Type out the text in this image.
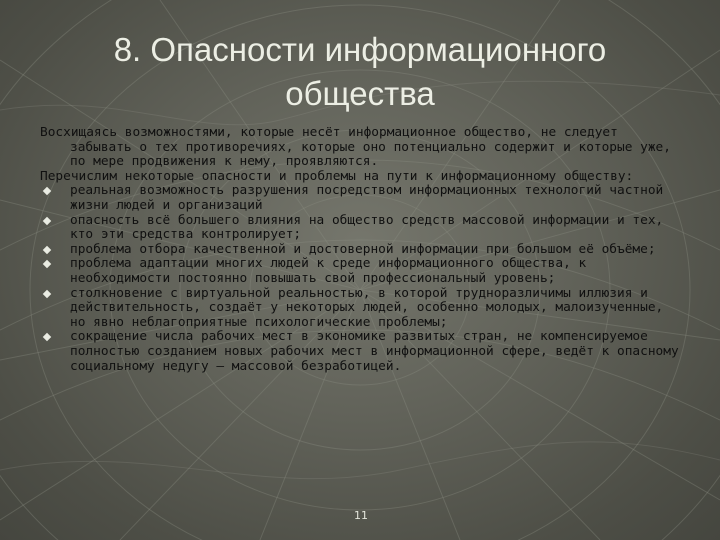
8. Опасности информационного
общества

Восхищаясь возможностями, которые несёт информационное общество, не следует забывать о тех противоречиях, которые оно потенциально содержит и которые уже, по мере продвижения к нему, проявляются.

Перечислим некоторые опасности и проблемы на пути к информационному обществу:

реальная возможность разрушения посредством информационных технологий частной жизни людей и организаций
опасность всё большего влияния на общество средств массовой информации и тех, кто эти средства контролирует;
проблема отбора качественной и достоверной информации при большом её объёме;
проблема адаптации многих людей к среде информационного общества, к необходимости постоянно повышать свой профессиональный уровень;
столкновение с виртуальной реальностью, в которой трудноразличимы иллюзия и действительность, создаёт у некоторых людей, особенно молодых, малоизученные, но явно неблагоприятные психологические проблемы;
сокращение числа рабочих мест в экономике развитых стран, не компенсируемое полностью созданием новых рабочих мест в информационной сфере, ведёт к опасному социальному недугу – массовой безработицей.
11
